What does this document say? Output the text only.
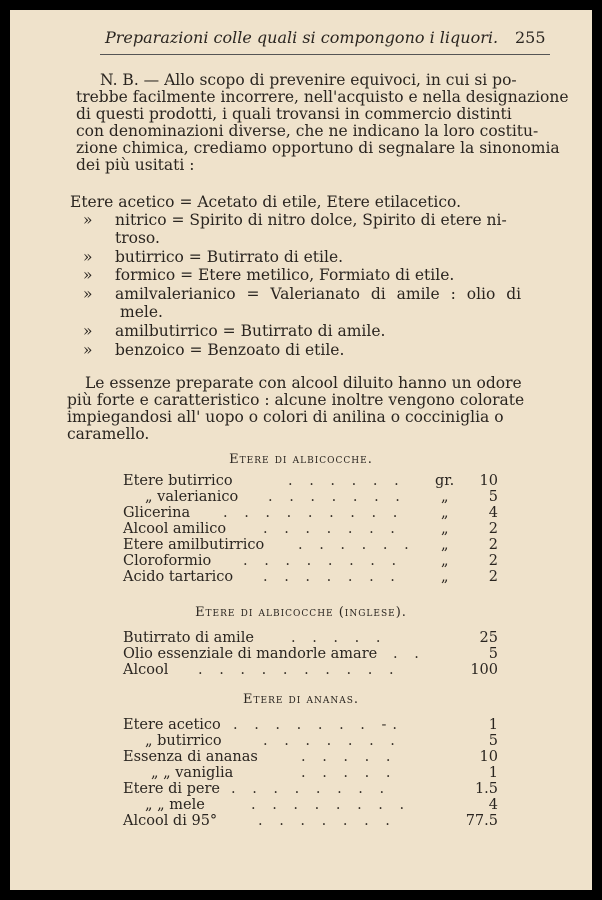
Preparazioni colle quali si compongono i liquori. 255
N. B. — Allo scopo di prevenire equivoci, in cui si po-
trebbe facilmente incorrere, nell'acquisto e nella designazione
di questi prodotti, i quali trovansi in commercio distinti
con denominazioni diverse, che ne indicano la loro costitu-
zione chimica, crediamo opportuno di segnalare la sinonomia
dei più usitati :
Etere acetico = Acetato di etile, Etere etilacetico.
» nitrico = Spirito di nitro dolce, Spirito di etere ni-
troso.
» butirrico = Butirrato di etile.
» formico = Etere metilico, Formiato di etile.
» amilvalerianico = Valerianato di amile : olio di
mele.
» amilbutirrico = Butirrato di amile.
» benzoico = Benzoato di etile.
Le essenze preparate con alcool diluito hanno un odore
più forte e caratteristico : alcune inoltre vengono colorate
impiegandosi all' uopo o colori di anilina o cocciniglia o
caramello.
Etere di albicocche.
Etere butirrico	. . . . . . gr.	10
„ valerianico . . . . . . . „	5
Glicerina . . . . . . . . .	„	4
Alcool amilico	. . . . . . .	„	2
Etere amilbutirrico . . . . . . „	2
Cloroformio . . . . . . . .	„	2
Acido tartarico . . . . . . .	„	2
Etere di albicocche (inglese).
Butirrato di amile	. . . . .	25
Olio essenziale di mandorle amare . .	5
Alcool . . . . . . . . . .	100
Etere di ananas.
Etere acetico . . . . . . . -.	1
„ butirrico	. . . . . . .	5
Essenza di ananas	. . . . .	10
„ „ vaniglia	. . . . .	1
Etere di pere . . . . . . . .	1.5
„ „ mele	. . . . . . . .	4
Alcool di 95°	. . . . . . .	77.5
